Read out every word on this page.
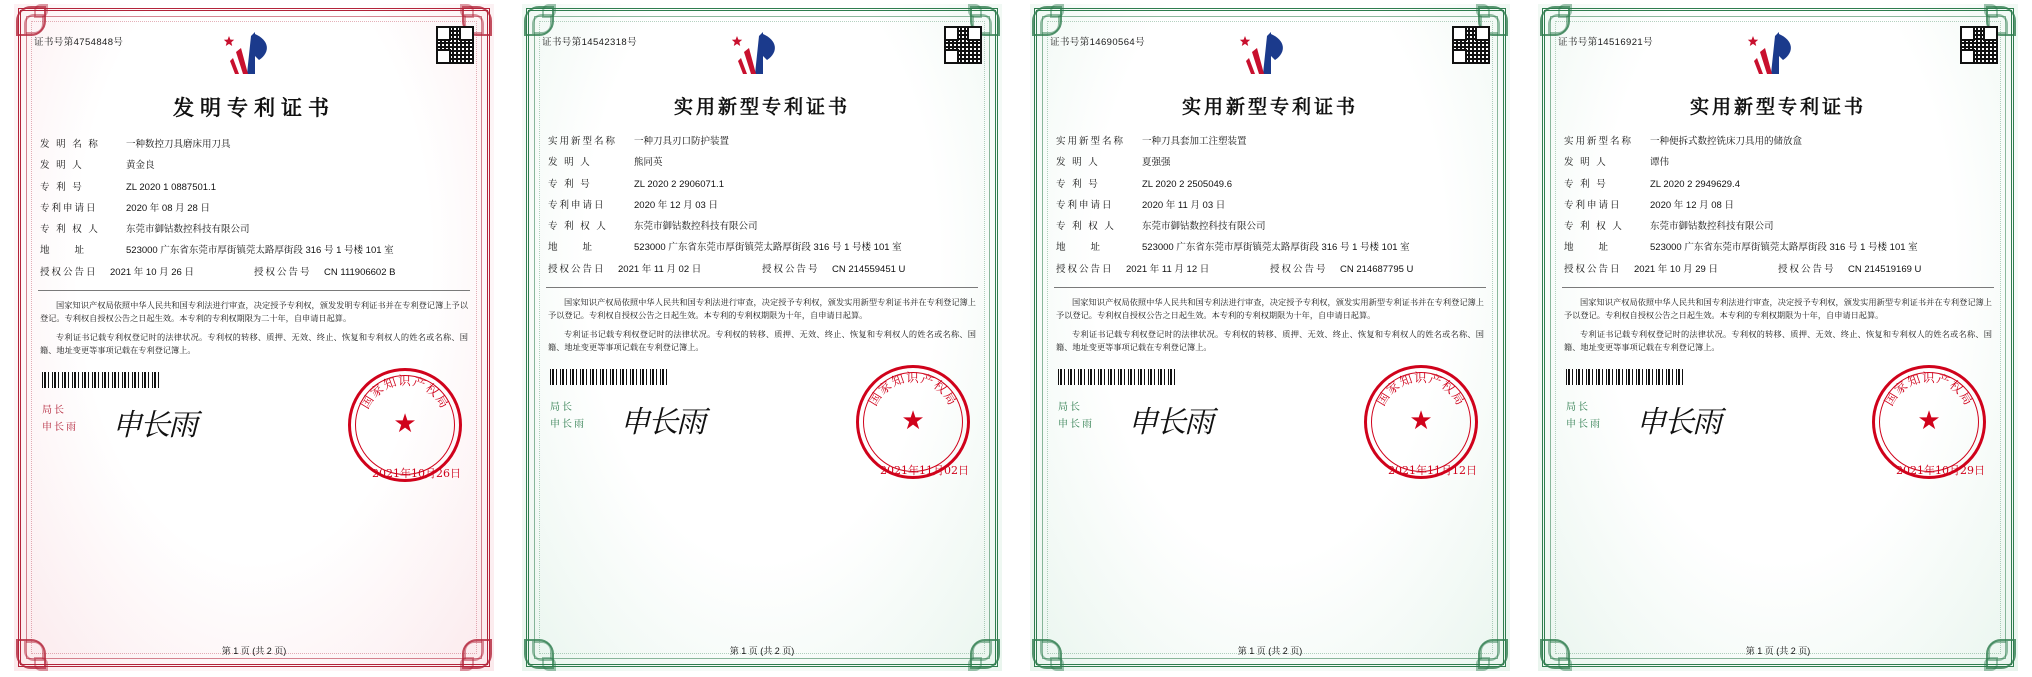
证书号第4754848号
发明专利证书
发 明 名 称	一种数控刀具磨床用刀具
发 明 人	黄金良
专 利 号	ZL 2020 1 0887501.1
专利申请日	2020 年 08 月 28 日
专 利 权 人	东莞市御钴数控科技有限公司
地　　址	523000 广东省东莞市厚街镇莞太路厚街段 316 号 1 号楼 101 室
授权公告日	2021 年 10 月 26 日	授权公告号	CN 111906602 B

国家知识产权局依照中华人民共和国专利法进行审查，决定授予专利权，颁发发明专利证书并在专利登记簿上予以登记。专利权自授权公告之日起生效。本专利的专利权期限为二十年，自申请日起算。

专利证书记载专利权登记时的法律状况。专利权的转移、质押、无效、终止、恢复和专利权人的姓名或名称、国籍、地址变更等事项记载在专利登记簿上。

局长
申长雨	申长雨
国家知识产权局
★
2021年10月26日
第 1 页 (共 2 页)
证书号第14542318号
实用新型专利证书
实用新型名称	一种刀具刃口防护装置
发 明 人	熊同英
专 利 号	ZL 2020 2 2906071.1
专利申请日	2020 年 12 月 03 日
专 利 权 人	东莞市御钴数控科技有限公司
地　　址	523000 广东省东莞市厚街镇莞太路厚街段 316 号 1 号楼 101 室
授权公告日	2021 年 11 月 02 日	授权公告号	CN 214559451 U

国家知识产权局依照中华人民共和国专利法进行审查，决定授予专利权，颁发实用新型专利证书并在专利登记簿上予以登记。专利权自授权公告之日起生效。本专利的专利权期限为十年，自申请日起算。

专利证书记载专利权登记时的法律状况。专利权的转移、质押、无效、终止、恢复和专利权人的姓名或名称、国籍、地址变更等事项记载在专利登记簿上。

局长
申长雨	申长雨
国家知识产权局
★
2021年11月02日
第 1 页 (共 2 页)
证书号第14690564号
实用新型专利证书
实用新型名称	一种刀具套加工注塑装置
发 明 人	夏强强
专 利 号	ZL 2020 2 2505049.6
专利申请日	2020 年 11 月 03 日
专 利 权 人	东莞市御钴数控科技有限公司
地　　址	523000 广东省东莞市厚街镇莞太路厚街段 316 号 1 号楼 101 室
授权公告日	2021 年 11 月 12 日	授权公告号	CN 214687795 U

国家知识产权局依照中华人民共和国专利法进行审查，决定授予专利权，颁发实用新型专利证书并在专利登记簿上予以登记。专利权自授权公告之日起生效。本专利的专利权期限为十年，自申请日起算。

专利证书记载专利权登记时的法律状况。专利权的转移、质押、无效、终止、恢复和专利权人的姓名或名称、国籍、地址变更等事项记载在专利登记簿上。

局长
申长雨	申长雨
国家知识产权局
★
2021年11月12日
第 1 页 (共 2 页)
证书号第14516921号
实用新型专利证书
实用新型名称	一种便拆式数控铣床刀具用的储放盒
发 明 人	谭伟
专 利 号	ZL 2020 2 2949629.4
专利申请日	2020 年 12 月 08 日
专 利 权 人	东莞市御钴数控科技有限公司
地　　址	523000 广东省东莞市厚街镇莞太路厚街段 316 号 1 号楼 101 室
授权公告日	2021 年 10 月 29 日	授权公告号	CN 214519169 U

国家知识产权局依照中华人民共和国专利法进行审查，决定授予专利权，颁发实用新型专利证书并在专利登记簿上予以登记。专利权自授权公告之日起生效。本专利的专利权期限为十年，自申请日起算。

专利证书记载专利权登记时的法律状况。专利权的转移、质押、无效、终止、恢复和专利权人的姓名或名称、国籍、地址变更等事项记载在专利登记簿上。

局长
申长雨	申长雨
国家知识产权局
★
2021年10月29日
第 1 页 (共 2 页)
